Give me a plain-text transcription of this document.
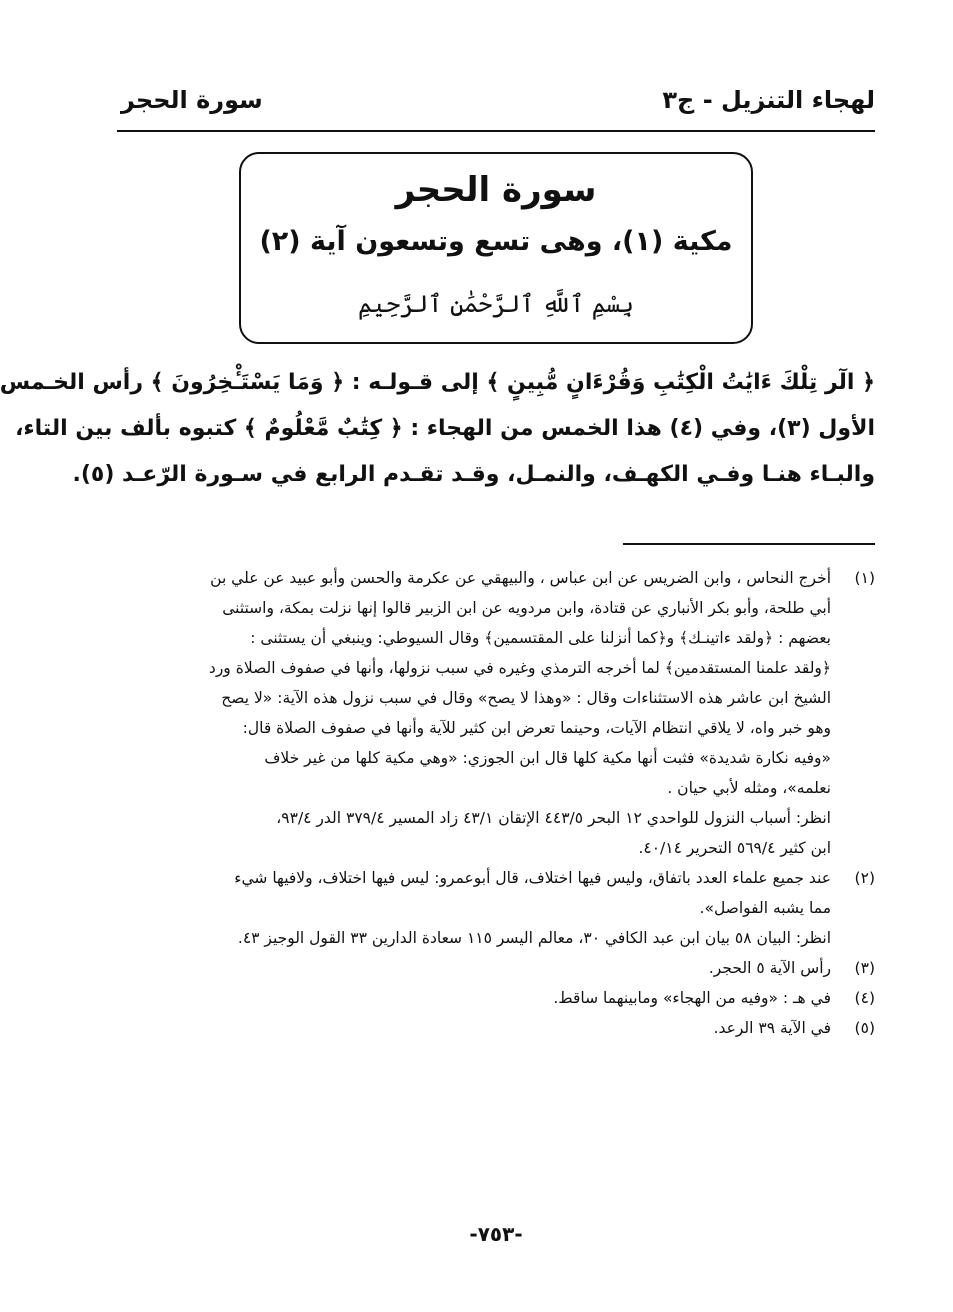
لهجاء التنزيل - ج٣
سورة الحجر
سورة الحجر
مكية (١)، وهى تسع وتسعون آية (٢)
بِسْمِ ٱللَّهِ ٱلرَّحْمَٰنِ ٱلرَّحِيمِ
﴿ الٓر تِلْكَ ءَايَٰتُ الْكِتَٰبِ وَقُرْءَانٍ مُّبِينٍ ﴾ إلى قـولـه : ﴿ وَمَا يَسْتَـْٔخِرُونَ ﴾ رأس الخـمس
الأول (٣)، وفي (٤) هذا الخمس من الهجاء : ﴿ كِتَٰبٌ مَّعْلُومٌ ﴾ كتبوه بألف بين التاء،
والبـاء هنـا وفـي الكهـف، والنمـل، وقـد تقـدم الرابع في سـورة الرّعـد (٥).
(١)
أخرج النحاس ، وابن الضريس عن ابن عباس ، والبيهقي عن عكرمة والحسن وأبو عبيد عن علي بن
أبي طلحة، وأبو بكر الأنباري عن قتادة، وابن مردويه عن ابن الزبير قالوا إنها نزلت بمكة، واستثنى
بعضهم : ﴿ولقد ءاتينـك﴾ و﴿كما أنزلنا على المقتسمين﴾ وقال السيوطي: وينبغي أن يستثنى :
﴿ولقد علمنا المستقدمين﴾ لما أخرجه الترمذي وغيره في سبب نزولها، وأنها في صفوف الصلاة ورد
الشيخ ابن عاشر هذه الاستثناءات وقال : «وهذا لا يصح» وقال في سبب نزول هذه الآية: «لا يصح
وهو خبر واه، لا يلاقي انتظام الآيات، وحينما تعرض ابن كثير للآية وأنها في صفوف الصلاة قال:
«وفيه نكارة شديدة» فثبت أنها مكية كلها قال ابن الجوزي: «وهي مكية كلها من غير خلاف
نعلمه»، ومثله لأبي حيان .
انظر: أسباب النزول للواحدي ١٢ البحر ٤٤٣/٥ الإتقان ٤٣/١ زاد المسير ٣٧٩/٤ الدر ٩٣/٤،
ابن كثير ٥٦٩/٤ التحرير ٤٠/١٤.
(٢)
عند جميع علماء العدد باتفاق، وليس فيها اختلاف، قال أبوعمرو: ليس فيها اختلاف، ولافيها شيء
مما يشبه الفواصل».
انظر: البيان ٥٨ بيان ابن عبد الكافي ٣٠، معالم اليسر ١١٥ سعادة الدارين ٣٣ القول الوجيز ٤٣.
(٣)
رأس الآية ٥ الحجر.
(٤)
في هـ : «وفيه من الهجاء» ومابينهما ساقط.
(٥)
في الآية ٣٩ الرعد.
-٧٥٣-
